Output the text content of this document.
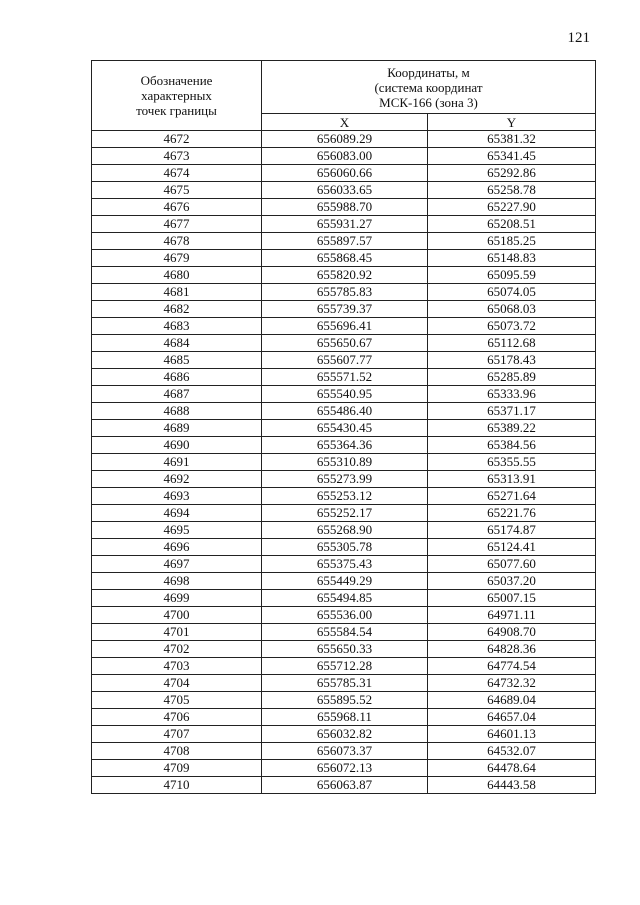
121
Обозначение
характерных
точек границы	Координаты, м
(система координат
МСК-166 (зона 3)	

	X	Y
4672	656089.29	65381.32
4673	656083.00	65341.45
4674	656060.66	65292.86
4675	656033.65	65258.78
4676	655988.70	65227.90
4677	655931.27	65208.51
4678	655897.57	65185.25
4679	655868.45	65148.83
4680	655820.92	65095.59
4681	655785.83	65074.05
4682	655739.37	65068.03
4683	655696.41	65073.72
4684	655650.67	65112.68
4685	655607.77	65178.43
4686	655571.52	65285.89
4687	655540.95	65333.96
4688	655486.40	65371.17
4689	655430.45	65389.22
4690	655364.36	65384.56
4691	655310.89	65355.55
4692	655273.99	65313.91
4693	655253.12	65271.64
4694	655252.17	65221.76
4695	655268.90	65174.87
4696	655305.78	65124.41
4697	655375.43	65077.60
4698	655449.29	65037.20
4699	655494.85	65007.15
4700	655536.00	64971.11
4701	655584.54	64908.70
4702	655650.33	64828.36
4703	655712.28	64774.54
4704	655785.31	64732.32
4705	655895.52	64689.04
4706	655968.11	64657.04
4707	656032.82	64601.13
4708	656073.37	64532.07
4709	656072.13	64478.64
4710	656063.87	64443.58
